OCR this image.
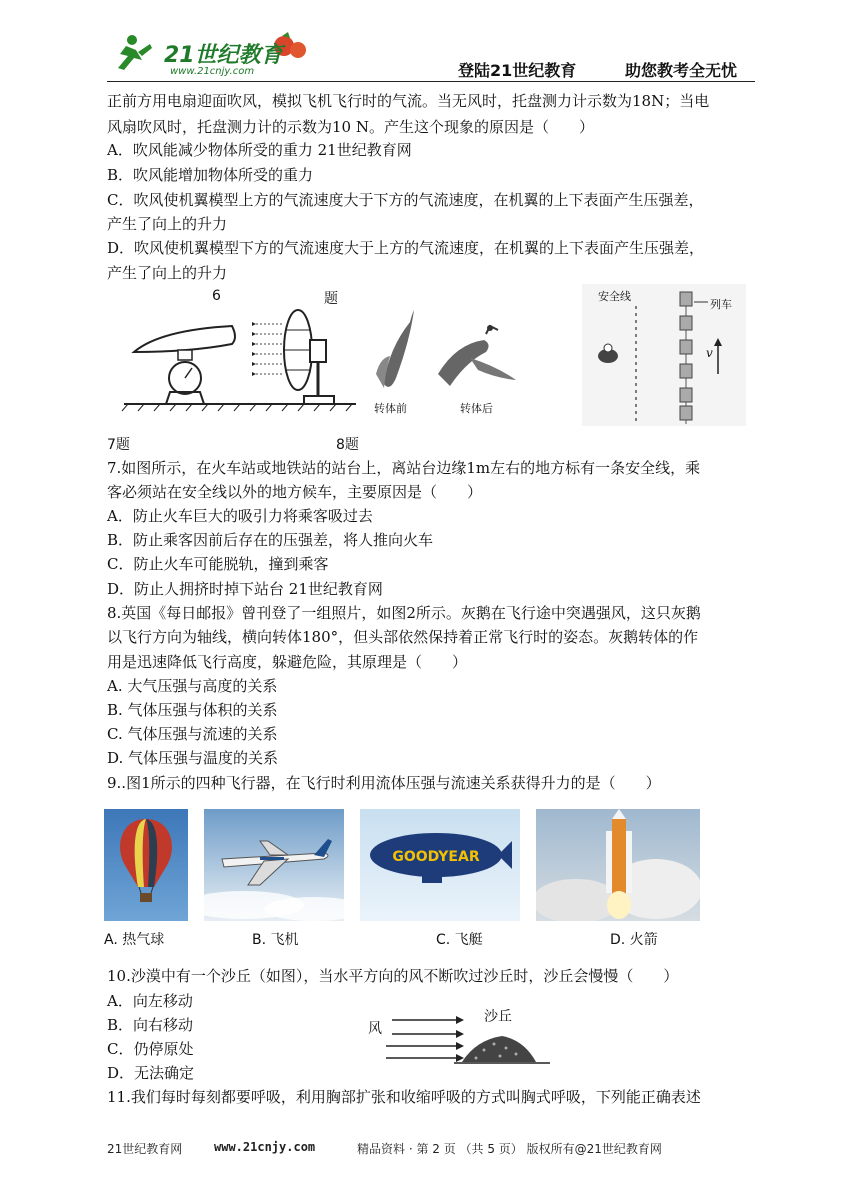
21世纪教育
www.21cnjy.com	登陆21世纪教育	助您教考全无忧
正前方用电扇迎面吹风，模拟飞机飞行时的气流。当无风时，托盘测力计示数为18N；当电
风扇吹风时，托盘测力计的示数为10 N。产生这个现象的原因是（　　）
A．吹风能减少物体所受的重力 21世纪教育网
B．吹风能增加物体所受的重力
C．吹风使机翼模型上方的气流速度大于下方的气流速度，在机翼的上下表面产生压强差，
产生了向上的升力
D．吹风使机翼模型下方的气流速度大于上方的气流速度，在机翼的上下表面产生压强差，
产生了向上的升力
6	题
转体前	转体后
安全线
列车
v
7题	8题
7.如图所示，在火车站或地铁站的站台上，离站台边缘1m左右的地方标有一条安全线，乘
客必须站在安全线以外的地方候车，主要原因是（　　）
A．防止火车巨大的吸引力将乘客吸过去
B．防止乘客因前后存在的压强差，将人推向火车
C．防止火车可能脱轨，撞到乘客
D．防止人拥挤时掉下站台 21世纪教育网
8.英国《每日邮报》曾刊登了一组照片，如图2所示。灰鹅在飞行途中突遇强风，这只灰鹅
以飞行方向为轴线，横向转体180°，但头部依然保持着正常飞行时的姿态。灰鹅转体的作
用是迅速降低飞行高度，躲避危险，其原理是（　　）
A. 大气压强与高度的关系
B. 气体压强与体积的关系
C. 气体压强与流速的关系
D. 气体压强与温度的关系
9..图1所示的四种飞行器，在飞行时利用流体压强与流速关系获得升力的是（　　）
GOODYEAR
A. 热气球	B. 飞机	C. 飞艇	D. 火箭
10.沙漠中有一个沙丘（如图），当水平方向的风不断吹过沙丘时，沙丘会慢慢（　　）
A．向左移动
B．向右移动
C．仍停原处
D．无法确定
风
沙丘
11.我们每时每刻都要呼吸，利用胸部扩张和收缩呼吸的方式叫胸式呼吸，下列能正确表述
21世纪教育网	www.21cnjy.com	精品资料 · 第 2 页 （共 5 页） 版权所有@21世纪教育网
